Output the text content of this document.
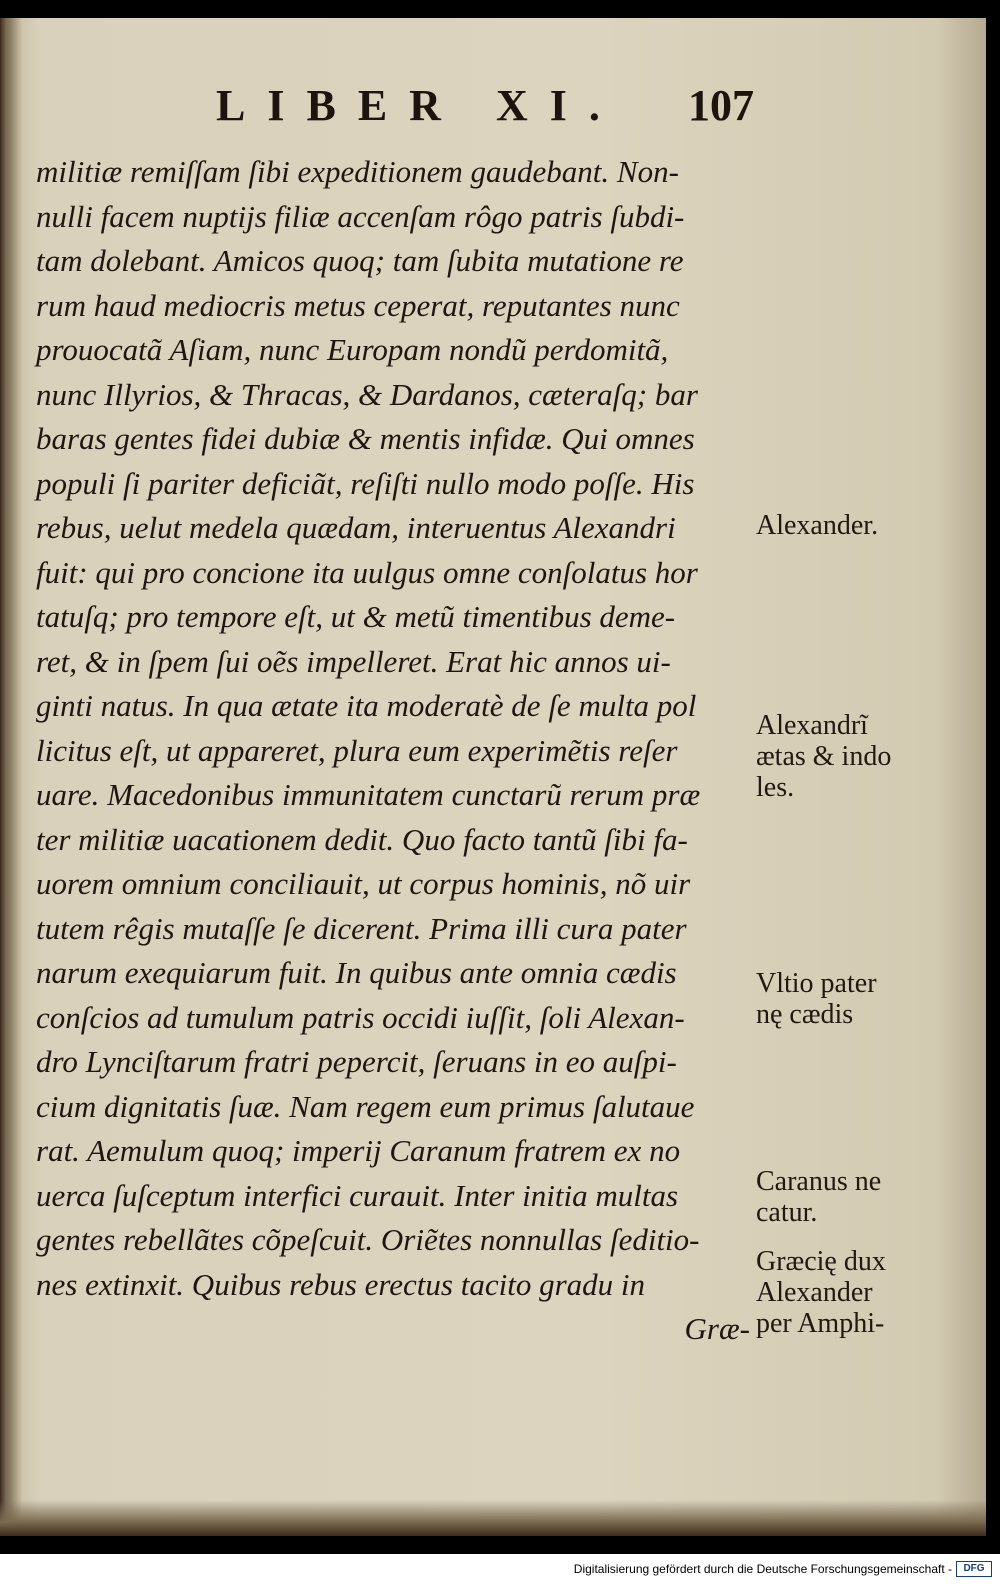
LIBER XI. 107
militiæ remiſſam ſibi expeditionem gaudebant. Non-
nulli facem nuptijs filiæ accenſam rôgo patris ſubdi-
tam dolebant. Amicos quoq; tam ſubita mutatione re
rum haud mediocris metus ceperat, reputantes nunc
prouocatã Aſiam, nunc Europam nondũ perdomitã,
nunc Illyrios, & Thracas, & Dardanos, cæteraſq; bar
baras gentes fidei dubiæ & mentis infidæ. Qui omnes
populi ſi pariter deficiãt, reſiſti nullo modo poſſe. His
rebus, uelut medela quædam, interuentus Alexandri
fuit: qui pro concione ita uulgus omne conſolatus hor
tatuſq; pro tempore eſt, ut & metũ timentibus deme-
ret, & in ſpem ſui oẽs impelleret. Erat hic annos ui-
ginti natus. In qua ætate ita moderatè de ſe multa pol
licitus eſt, ut appareret, plura eum experimẽtis reſer
uare. Macedonibus immunitatem cunctarũ rerum præ
ter militiæ uacationem dedit. Quo facto tantũ ſibi fa-
uorem omnium conciliauit, ut corpus hominis, nõ uir
tutem rêgis mutaſſe ſe dicerent. Prima illi cura pater
narum exequiarum fuit. In quibus ante omnia cædis
conſcios ad tumulum patris occidi iuſſit, ſoli Alexan-
dro Lynciſtarum fratri pepercit, ſeruans in eo auſpi-
cium dignitatis ſuæ. Nam regem eum primus ſalutaue
rat. Aemulum quoq; imperij Caranum fratrem ex no
uerca ſuſceptum interfici curauit. Inter initia multas
gentes rebellãtes cõpeſcuit. Oriẽtes nonnullas ſeditio-
nes extinxit. Quibus rebus erectus tacito gradu in
Græ-
Alexander.
Alexandrĩ
ætas & indo
les.
Vltio pater
nę cædis
Caranus ne
catur.
Græcię dux
Alexander
per Amphi-
Digitalisierung gefördert durch die Deutsche Forschungsgemeinschaft -	DFG
